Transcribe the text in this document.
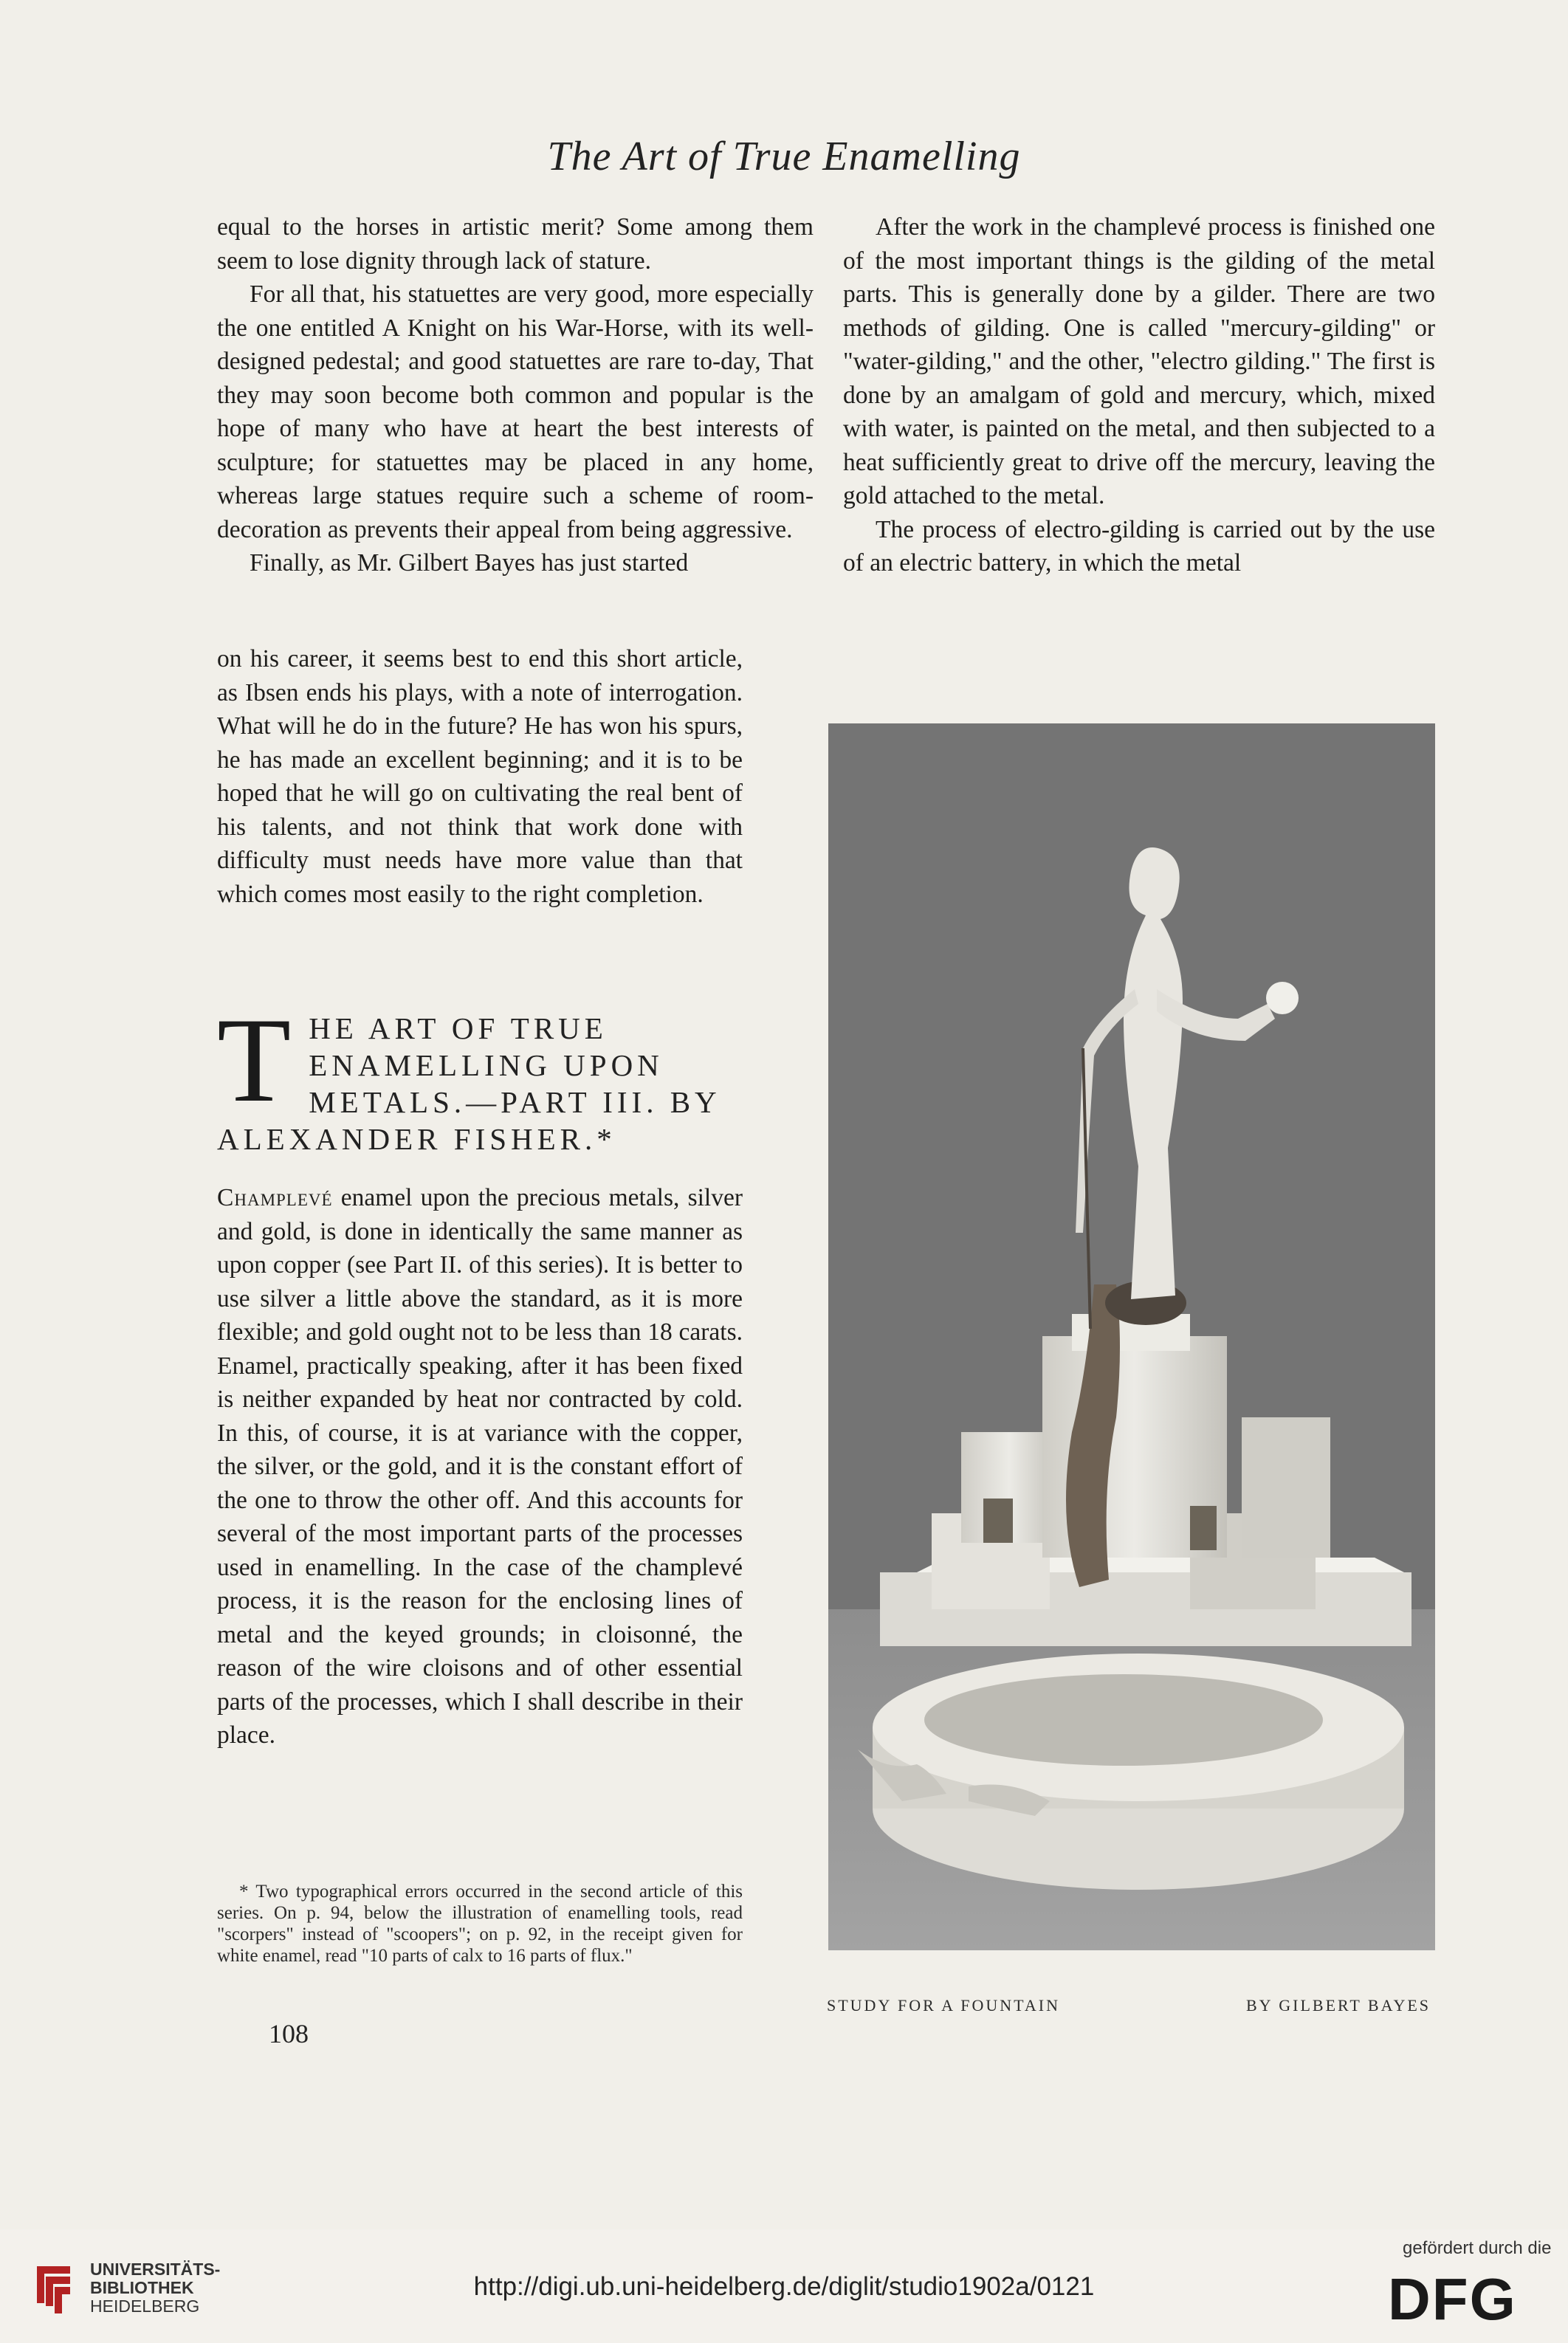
The Art of True Enamelling

equal to the horses in artistic merit? Some among them seem to lose dignity through lack of stature.

For all that, his statuettes are very good, more especially the one entitled A Knight on his War-Horse, with its well-designed pedestal; and good statuettes are rare to-day, That they may soon become both common and popular is the hope of many who have at heart the best interests of sculpture; for statuettes may be placed in any home, whereas large statues require such a scheme of room-decoration as prevents their appeal from being aggressive.

Finally, as Mr. Gilbert Bayes has just started

on his career, it seems best to end this short article, as Ibsen ends his plays, with a note of interrogation. What will he do in the future? He has won his spurs, he has made an excellent beginning; and it is to be hoped that he will go on cultivating the real bent of his talents, and not think that work done with difficulty must needs have more value than that which comes most easily to the right completion.

T HE ART OF TRUE
ENAMELLING UPON
METALS.—PART III. BY
ALEXANDER FISHER.*

Champlevé enamel upon the precious metals, silver and gold, is done in identically the same manner as upon copper (see Part II. of this series). It is better to use silver a little above the standard, as it is more flexible; and gold ought not to be less than 18 carats. Enamel, practically speaking, after it has been fixed is neither expanded by heat nor contracted by cold. In this, of course, it is at variance with the copper, the silver, or the gold, and it is the constant effort of the one to throw the other off. And this accounts for several of the most important parts of the processes used in enamelling. In the case of the champlevé process, it is the reason for the enclosing lines of metal and the keyed grounds; in cloisonné, the reason of the wire cloisons and of other essential parts of the processes, which I shall describe in their place.

* Two typographical errors occurred in the second article of this series. On p. 94, below the illustration of enamelling tools, read "scorpers" instead of "scoopers"; on p. 92, in the receipt given for white enamel, read "10 parts of calx to 16 parts of flux."

108

After the work in the champlevé process is finished one of the most important things is the gilding of the metal parts. This is generally done by a gilder. There are two methods of gilding. One is called "mercury-gilding" or "water-gilding," and the other, "electro gilding." The first is done by an amalgam of gold and mercury, which, mixed with water, is painted on the metal, and then subjected to a heat sufficiently great to drive off the mercury, leaving the gold attached to the metal.

The process of electro-gilding is carried out by the use of an electric battery, in which the metal

STUDY FOR A FOUNTAIN	BY GILBERT BAYES
UNIVERSITÄTS-
BIBLIOTHEK
HEIDELBERG
http://digi.ub.uni-heidelberg.de/diglit/studio1902a/0121
gefördert durch die
DFG
